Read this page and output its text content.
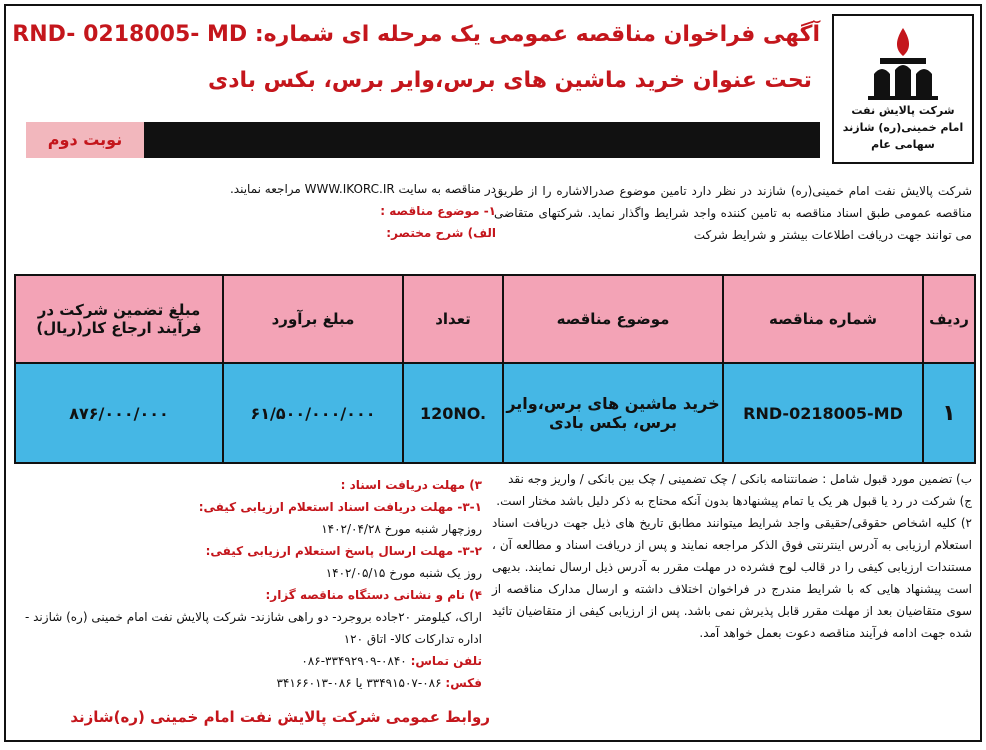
شرکت پالایش نفت
امام خمینی(ره) شازند
سهامی عام
آگهی فراخوان مناقصه عمومی یک مرحله ای شماره: RND- 0218005- MD
تحت عنوان خرید ماشین های برس،وایر برس، بکس بادی
نوبت دوم
شرکت پالایش نفت امام خمینی(ره) شازند در نظر دارد تامین موضوع صدرالاشاره را از طریق مناقصه عمومی طبق اسناد مناقصه به تامین کننده واجد شرایط واگذار نماید. شرکتهای متقاضی می توانند جهت دریافت اطلاعات بیشتر و شرایط شرکت

در مناقصه به سایت WWW.IKORC.IR مراجعه نمایند.

۱- موضوع مناقصه :

الف) شرح مختصر:

ردیف	شماره مناقصه	موضوع مناقصه	تعداد	مبلغ برآورد	مبلغ تضمین شرکت در فرآیند ارجاع کار(ریال)
۱	RND-0218005-MD	خرید ماشین های برس،وایر برس، بکس بادی	120NO.	۶۱/۵۰۰/۰۰۰/۰۰۰	۸۷۶/۰۰۰/۰۰۰

ب) تضمین مورد قبول شامل : ضمانتنامه بانکی / چک تضمینی / چک بین بانکی / واریز وجه نقد

ج) شرکت در رد یا قبول هر یک یا تمام پیشنهادها بدون آنکه محتاج به ذکر دلیل باشد مختار است.

۲) کلیه اشخاص حقوقی/حقیقی واجد شرایط میتوانند مطابق تاریخ های ذیل جهت دریافت اسناد استعلام ارزیابی به آدرس اینترنتی فوق الذکر مراجعه نمایند و پس از دریافت اسناد و مطالعه آن ، مستندات ارزیابی کیفی را در قالب لوح فشرده در مهلت مقرر به آدرس ذیل ارسال نمایند. بدیهی است پیشنهاد هایی که با شرایط مندرج در فراخوان اختلاف داشته و ارسال مدارک مناقصه از سوی متقاضیان بعد از مهلت مقرر قابل پذیرش نمی باشد. پس از ارزیابی کیفی از متقاضیان تائید شده جهت ادامه فرآیند مناقصه دعوت بعمل خواهد آمد.

۳) مهلت دریافت اسناد :

۳-۱- مهلت دریافت اسناد استعلام ارزیابی کیفی:

روزچهار شنبه مورخ ۱۴۰۲/۰۴/۲۸

۳-۲- مهلت ارسال پاسخ استعلام ارزیابی کیفی:

روز یک شنبه مورخ ۱۴۰۲/۰۵/۱۵

۴) نام و نشانی دستگاه مناقصه گزار:

اراک، کیلومتر ۲۰جاده بروجرد- دو راهی شازند- شرکت پالایش نفت امام خمینی (ره) شازند - اداره تدارکات کالا- اتاق ۱۲۰

تلفن تماس: ۰۸۴۰-۳۳۴۹۲۹۰۹-۰۸۶

فکس: ۰۸۶-۳۳۴۹۱۵۰۷ یا ۰۸۶-۳۴۱۶۶۰۱۳

روابط عمومی شرکت پالایش نفت امام خمینی (ره)شازند
